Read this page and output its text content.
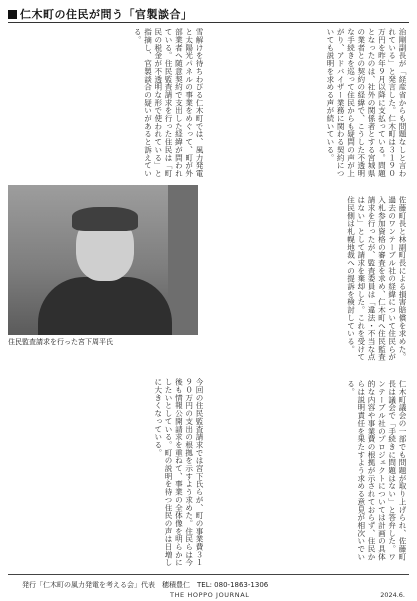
仁木町の住民が問う「官製談合」
治剛副長が「経産省からも問題なしと言われている」と発言した。仁木町は３１９０万円を昨年９月以降に支払っている。問題となったのは、社外の関係者とする宮城県の業者との契約の経緯で、こうした不透明な手続きを巡って住民からも疑問の声が上がり、アドバイザー業務に関わる契約についても説明を求める声が続いている。
佐藤町長と林副町長による損害賠償を求めた。過去のワンテーブル社の経緯について住民らが入札参加資格の審査を求め、仁木町へ住民監査請求を行ったが、監査委員は「違法・不当な点はない」として請求を棄却した。これを受けて住民側は札幌地裁への提訴を検討している。
仁木町議会の一部でも問題が取り上げられ、佐藤町長は議会で「手続きに問題はない」と答弁した。ワンテーブル社のプロジェクトについては計画の具体的な内容や事業費の根拠が示されておらず、住民からは説明責任を果たすよう求める意見が相次いでいる。
雪解けを待ちわびる仁木町では、風力発電と太陽光パネルの事業をめぐって、町が外部業者へ随意契約で支出した経緯が問われている。住民監査請求を行った住民は「町民の税金が不透明な形で使われている」と指摘し、官製談合の疑いがあると訴えている。
今回の住民監査請求では宮下氏らが、町の事業費３１９０万円の支出の根拠を示すよう求めた。住民らは今後も情報公開請求を重ねて、事業の全体像を明らかにしたいとしている。町の説明を待つ住民の声は日増しに大きくなっている。
住民監査請求を行った宮下周平氏
発行「仁木町の風力発電を考える会」代表　穂積豊仁　TEL: 080-1863-1306
THE HOPPO JOURNAL	2024.6.
